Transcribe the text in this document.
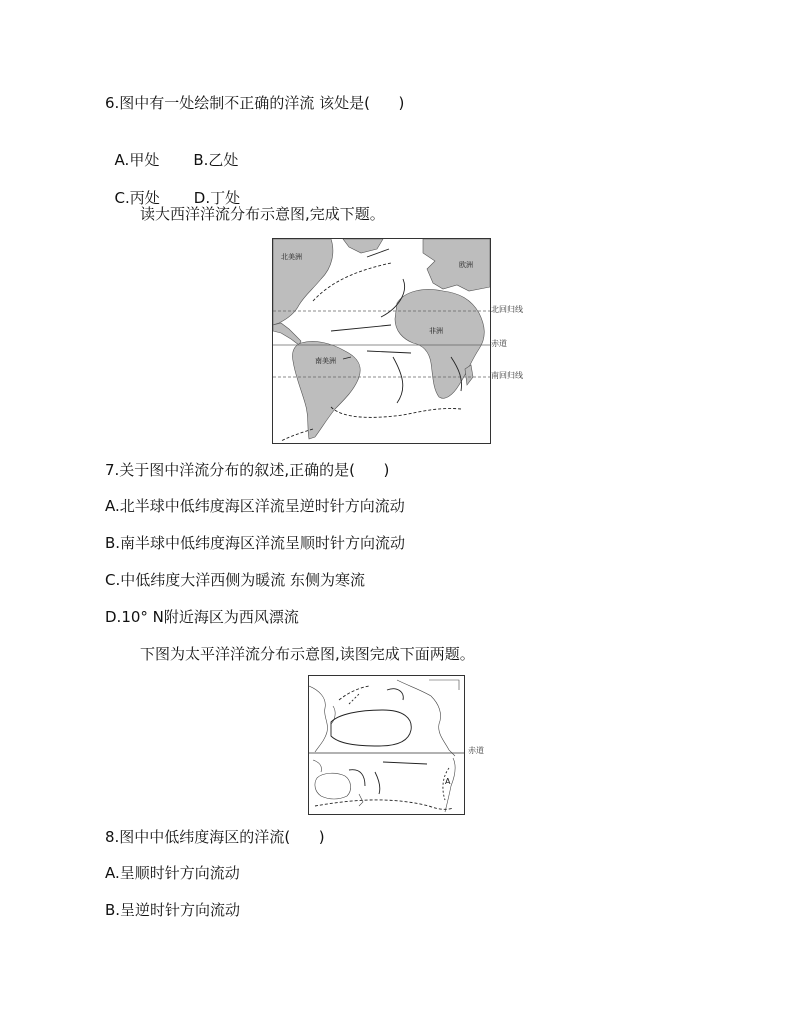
6.图中有一处绘制不正确的洋流 该处是(      )

A.甲处 B.乙处

C.丙处 D.丁处

读大西洋洋流分布示意图,完成下题。
北美洲
欧洲
非洲
南美洲
北回归线
赤道
南回归线
7.关于图中洋流分布的叙述,正确的是(      )
A.北半球中低纬度海区洋流呈逆时针方向流动
B.南半球中低纬度海区洋流呈顺时针方向流动
C.中低纬度大洋西侧为暖流 东侧为寒流
D.10° N附近海区为西风漂流
下图为太平洋洋流分布示意图,读图完成下面两题。
A
赤道
8.图中中低纬度海区的洋流(      )
A.呈顺时针方向流动
B.呈逆时针方向流动
